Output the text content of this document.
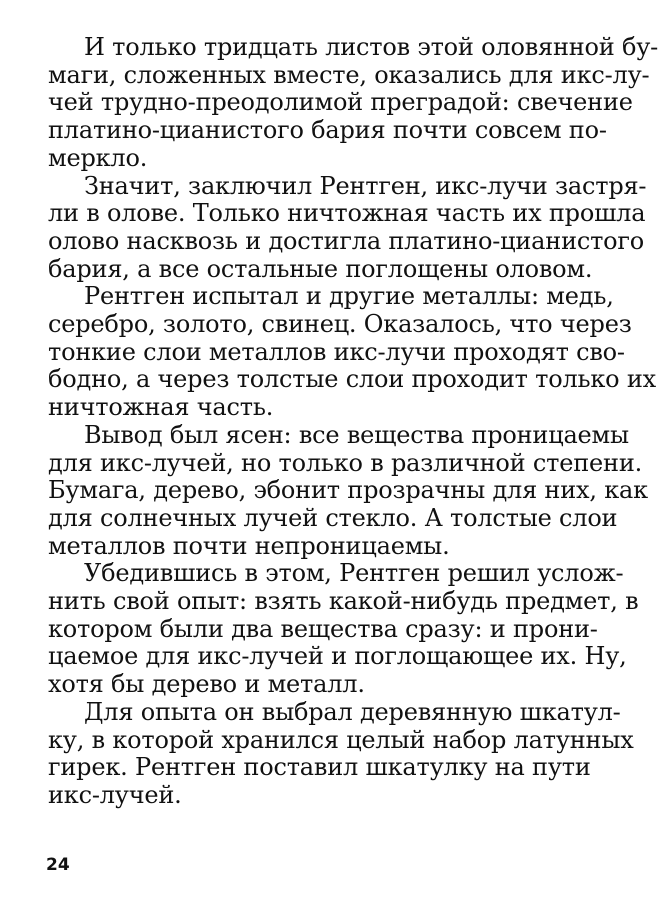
И только тридцать листов этой оловянной бу-
маги, сложенных вместе, оказались для икс-лу-
чей трудно-преодолимой преградой: свечение
платино-цианистого бария почти совсем по-
меркло.

Значит, заключил Рентген, икс-лучи застря-
ли в олове. Только ничтожная часть их прошла
олово насквозь и достигла платино-цианистого
бария, а все остальные поглощены оловом.

Рентген испытал и другие металлы: медь,
серебро, золото, свинец. Оказалось, что через
тонкие слои металлов икс-лучи проходят сво-
бодно, а через толстые слои проходит только их
ничтожная часть.

Вывод был ясен: все вещества проницаемы
для икс-лучей, но только в различной степени.
Бумага, дерево, эбонит прозрачны для них, как
для солнечных лучей стекло. А толстые слои
металлов почти непроницаемы.

Убедившись в этом, Рентген решил услож-
нить свой опыт: взять какой-нибудь предмет, в
котором были два вещества сразу: и прони-
цаемое для икс-лучей и поглощающее их. Ну,
хотя бы дерево и металл.

Для опыта он выбрал деревянную шкатул-
ку, в которой хранился целый набор латунных
гирек. Рентген поставил шкатулку на пути
икс-лучей.

24
